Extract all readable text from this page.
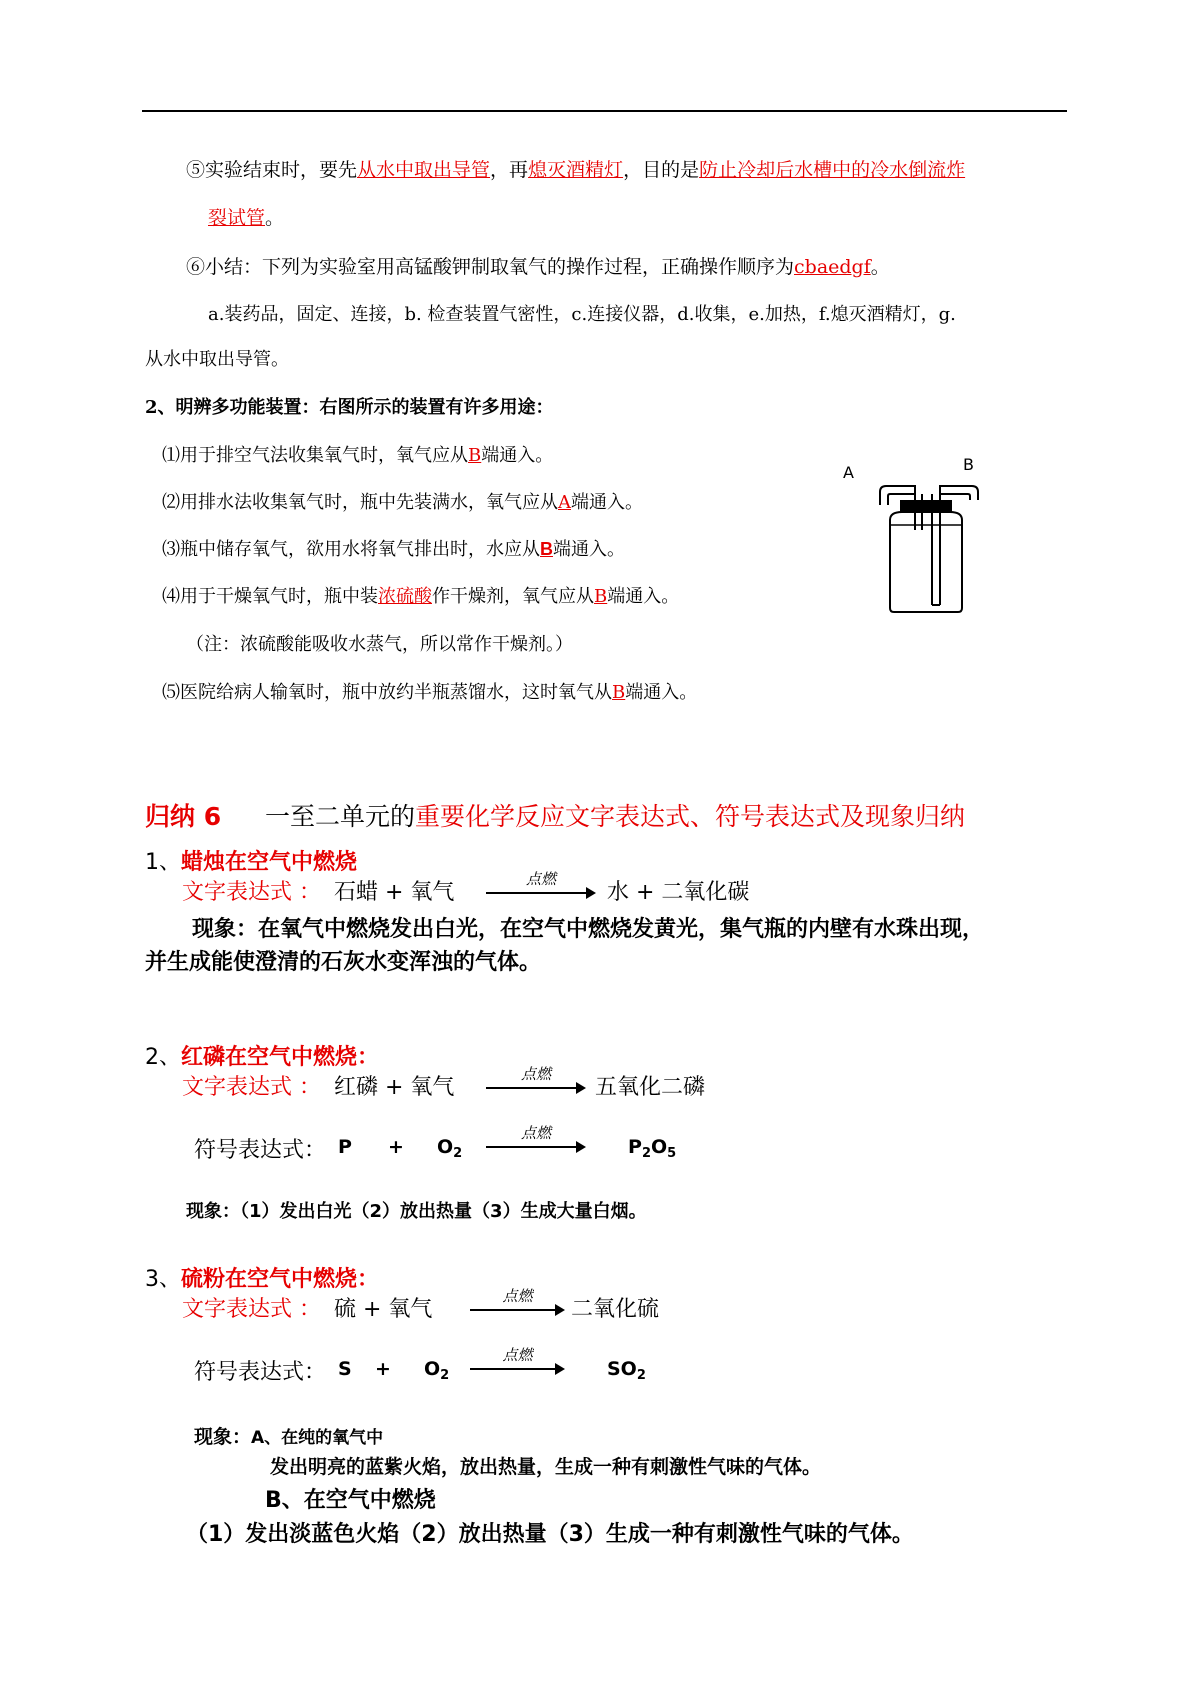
⑤实验结束时，要先从水中取出导管，再熄灭酒精灯，目的是防止冷却后水槽中的冷水倒流炸
裂试管。
⑥小结：下列为实验室用高锰酸钾制取氧气的操作过程，正确操作顺序为cbaedgf。
a.装药品，固定、连接，b. 检查装置气密性，c.连接仪器，d.收集，e.加热，f.熄灭酒精灯，g.
从水中取出导管。
2、明辨多功能装置：右图所示的装置有许多用途：
⑴用于排空气法收集氧气时，氧气应从B端通入。
⑵用排水法收集氧气时，瓶中先装满水，氧气应从A端通入。
⑶瓶中储存氧气，欲用水将氧气排出时，水应从B端通入。
⑷用于干燥氧气时，瓶中装浓硫酸作干燥剂，氧气应从B端通入。
（注：浓硫酸能吸收水蒸气，所以常作干燥剂。）
⑸医院给病人输氧时，瓶中放约半瓶蒸馏水，这时氧气从B端通入。
A	B
归纳 6 一至二单元的重要化学反应文字表达式、符号表达式及现象归纳
1、蜡烛在空气中燃烧
文字表达式 ： 石蜡 + 氧气
点燃
水 + 二氧化碳
现象：在氧气中燃烧发出白光，在空气中燃烧发黄光，集气瓶的内壁有水珠出现，
并生成能使澄清的石灰水变浑浊的气体。
2、红磷在空气中燃烧：
文字表达式 ： 红磷 + 氧气
点燃
五氧化二磷
符号表达式： $P + O_2$
点燃
$P_2O_5$
现象：（1）发出白光（2）放出热量（3）生成大量白烟。
3、硫粉在空气中燃烧：
文字表达式 ： 硫 + 氧气
点燃
二氧化硫
符号表达式： $S + O_2$
点燃
$SO_2$
现象：A、在纯的氧气中
发出明亮的蓝紫火焰，放出热量，生成一种有刺激性气味的气体。
B、在空气中燃烧
（1）发出淡蓝色火焰（2）放出热量（3）生成一种有刺激性气味的气体。
